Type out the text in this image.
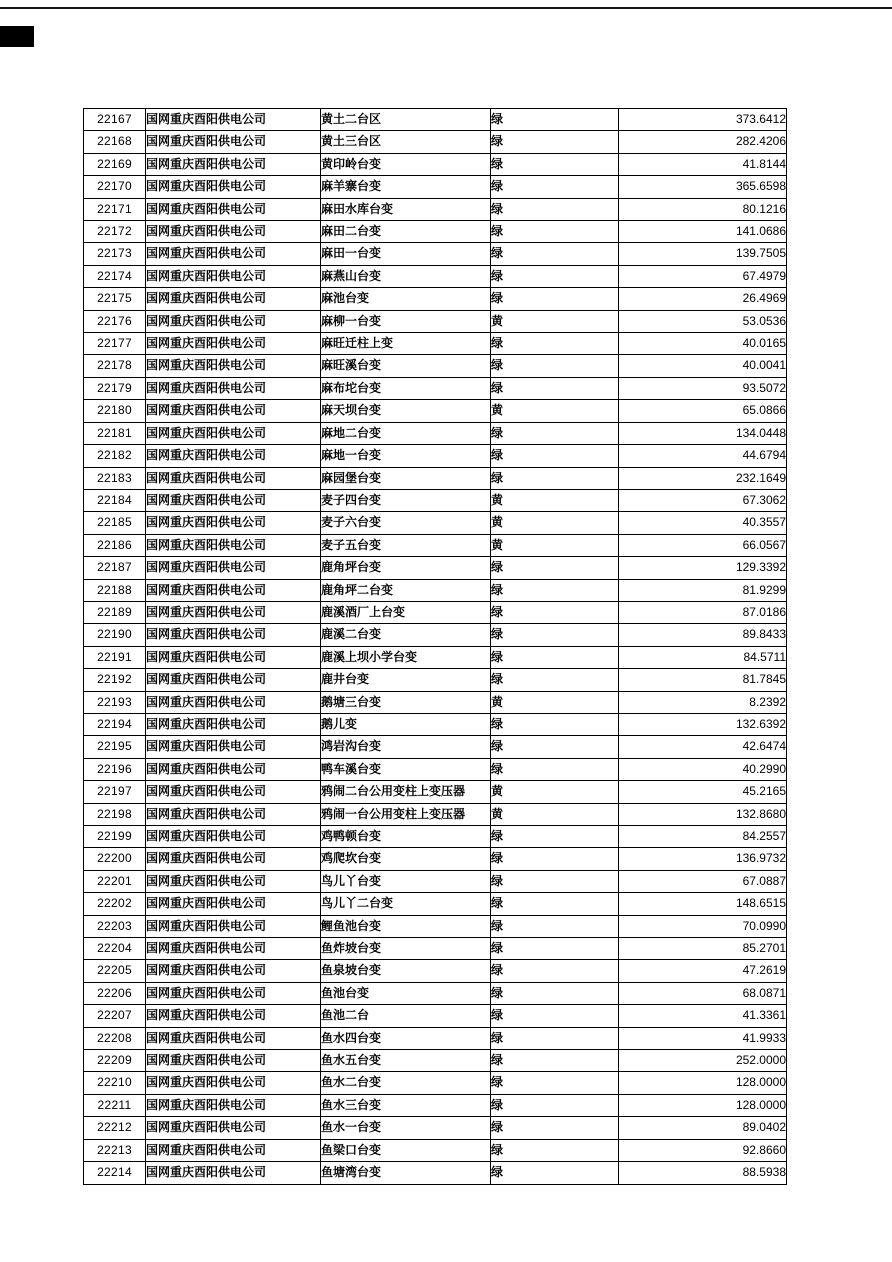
22167	国网重庆酉阳供电公司	黄土二台区	绿	373.6412
22168	国网重庆酉阳供电公司	黄土三台区	绿	282.4206
22169	国网重庆酉阳供电公司	黄印岭台变	绿	41.8144
22170	国网重庆酉阳供电公司	麻羊寨台变	绿	365.6598
22171	国网重庆酉阳供电公司	麻田水库台变	绿	80.1216
22172	国网重庆酉阳供电公司	麻田二台变	绿	141.0686
22173	国网重庆酉阳供电公司	麻田一台变	绿	139.7505
22174	国网重庆酉阳供电公司	麻燕山台变	绿	67.4979
22175	国网重庆酉阳供电公司	麻池台变	绿	26.4969
22176	国网重庆酉阳供电公司	麻柳一台变	黄	53.0536
22177	国网重庆酉阳供电公司	麻旺迁柱上变	绿	40.0165
22178	国网重庆酉阳供电公司	麻旺溪台变	绿	40.0041
22179	国网重庆酉阳供电公司	麻布坨台变	绿	93.5072
22180	国网重庆酉阳供电公司	麻天坝台变	黄	65.0866
22181	国网重庆酉阳供电公司	麻地二台变	绿	134.0448
22182	国网重庆酉阳供电公司	麻地一台变	绿	44.6794
22183	国网重庆酉阳供电公司	麻园堡台变	绿	232.1649
22184	国网重庆酉阳供电公司	麦子四台变	黄	67.3062
22185	国网重庆酉阳供电公司	麦子六台变	黄	40.3557
22186	国网重庆酉阳供电公司	麦子五台变	黄	66.0567
22187	国网重庆酉阳供电公司	鹿角坪台变	绿	129.3392
22188	国网重庆酉阳供电公司	鹿角坪二台变	绿	81.9299
22189	国网重庆酉阳供电公司	鹿溪酒厂上台变	绿	87.0186
22190	国网重庆酉阳供电公司	鹿溪二台变	绿	89.8433
22191	国网重庆酉阳供电公司	鹿溪上坝小学台变	绿	84.5711
22192	国网重庆酉阳供电公司	鹿井台变	绿	81.7845
22193	国网重庆酉阳供电公司	鹅塘三台变	黄	8.2392
22194	国网重庆酉阳供电公司	鹅儿变	绿	132.6392
22195	国网重庆酉阳供电公司	鸿岩沟台变	绿	42.6474
22196	国网重庆酉阳供电公司	鸭车溪台变	绿	40.2990
22197	国网重庆酉阳供电公司	鸦闹二台公用变柱上变压器	黄	45.2165
22198	国网重庆酉阳供电公司	鸦闹一台公用变柱上变压器	黄	132.8680
22199	国网重庆酉阳供电公司	鸡鸭顿台变	绿	84.2557
22200	国网重庆酉阳供电公司	鸡爬坎台变	绿	136.9732
22201	国网重庆酉阳供电公司	鸟儿丫台变	绿	67.0887
22202	国网重庆酉阳供电公司	鸟儿丫二台变	绿	148.6515
22203	国网重庆酉阳供电公司	鲤鱼池台变	绿	70.0990
22204	国网重庆酉阳供电公司	鱼炸坡台变	绿	85.2701
22205	国网重庆酉阳供电公司	鱼泉坡台变	绿	47.2619
22206	国网重庆酉阳供电公司	鱼池台变	绿	68.0871
22207	国网重庆酉阳供电公司	鱼池二台	绿	41.3361
22208	国网重庆酉阳供电公司	鱼水四台变	绿	41.9933
22209	国网重庆酉阳供电公司	鱼水五台变	绿	252.0000
22210	国网重庆酉阳供电公司	鱼水二台变	绿	128.0000
22211	国网重庆酉阳供电公司	鱼水三台变	绿	128.0000
22212	国网重庆酉阳供电公司	鱼水一台变	绿	89.0402
22213	国网重庆酉阳供电公司	鱼梁口台变	绿	92.8660
22214	国网重庆酉阳供电公司	鱼塘湾台变	绿	88.5938
